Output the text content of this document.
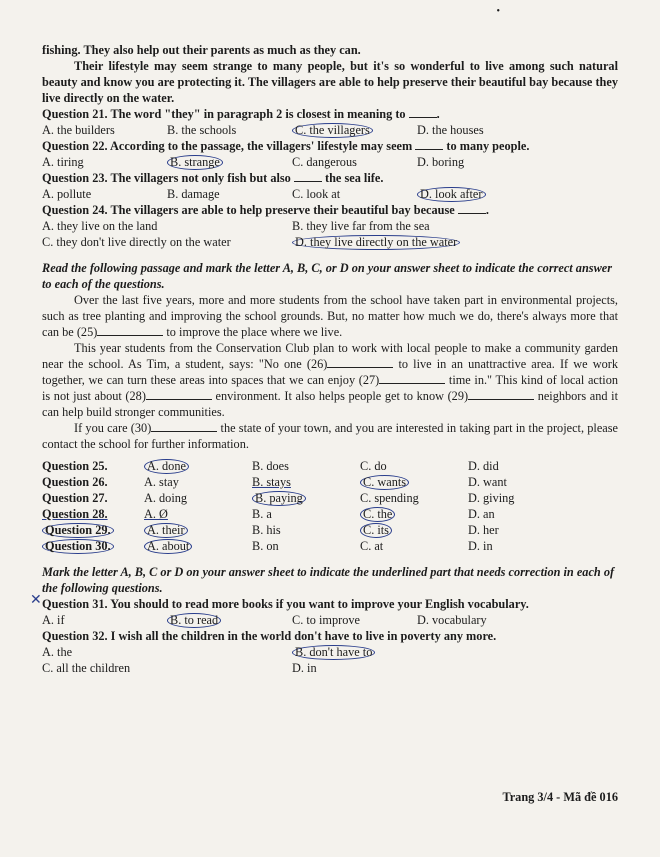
•
✕

fishing. They also help out their parents as much as they can.

Their lifestyle may seem strange to many people, but it's so wonderful to live among such natural beauty and know you are protecting it. The villagers are able to help preserve their beautiful bay because they live directly on the water.

Question 21. The word "they" in paragraph 2 is closest in meaning to	.

A. the builders	B. the schools	C. the villagers	D. the houses

Question 22. According to the passage, the villagers' lifestyle may seem	to many people.

A. tiring	B. strange	C. dangerous	D. boring

Question 23. The villagers not only fish but also	the sea life.

A. pollute	B. damage	C. look at	D. look after

Question 24. The villagers are able to help preserve their beautiful bay because	.

A. they live on the land	B. they live far from the sea
C. they don't live directly on the water	D. they live directly on the water

Read the following passage and mark the letter A, B, C, or D on your answer sheet to indicate the correct answer to each of the questions.

Over the last five years, more and more students from the school have taken part in environmental projects, such as tree planting and improving the school grounds. But, no matter how much we do, there's always more that can be (25)	to improve the place where we live.

This year students from the Conservation Club plan to work with local people to make a community garden near the school. As Tim, a student, says: "No one (26)	to live in an unattractive area. If we work together, we can turn these areas into spaces that we can enjoy (27)	time in." This kind of local action is not just about (28)	environment. It also helps people get to know (29)	neighbors and it can help build stronger communities.

If you care (30)	the state of your town, and you are interested in taking part in the project, please contact the school for further information.

Question 25.	A. done	B. does	C. do	D. did
Question 26.	A. stay	B. stays	C. wants	D. want
Question 27.	A. doing	B. paying	C. spending	D. giving
Question 28.	A. Ø	B. a	C. the	D. an
Question 29.	A. their	B. his	C. its	D. her
Question 30.	A. about	B. on	C. at	D. in

Mark the letter A, B, C or D on your answer sheet to indicate the underlined part that needs correction in each of the following questions.

Question 31. You should to read more books if you want to improve your English vocabulary.

A. if	B. to read	C. to improve	D. vocabulary

Question 32. I wish all the children in the world don't have to live in poverty any more.

A. the	B. don't have to
C. all the children	D. in
Trang 3/4 - Mã đề 016
